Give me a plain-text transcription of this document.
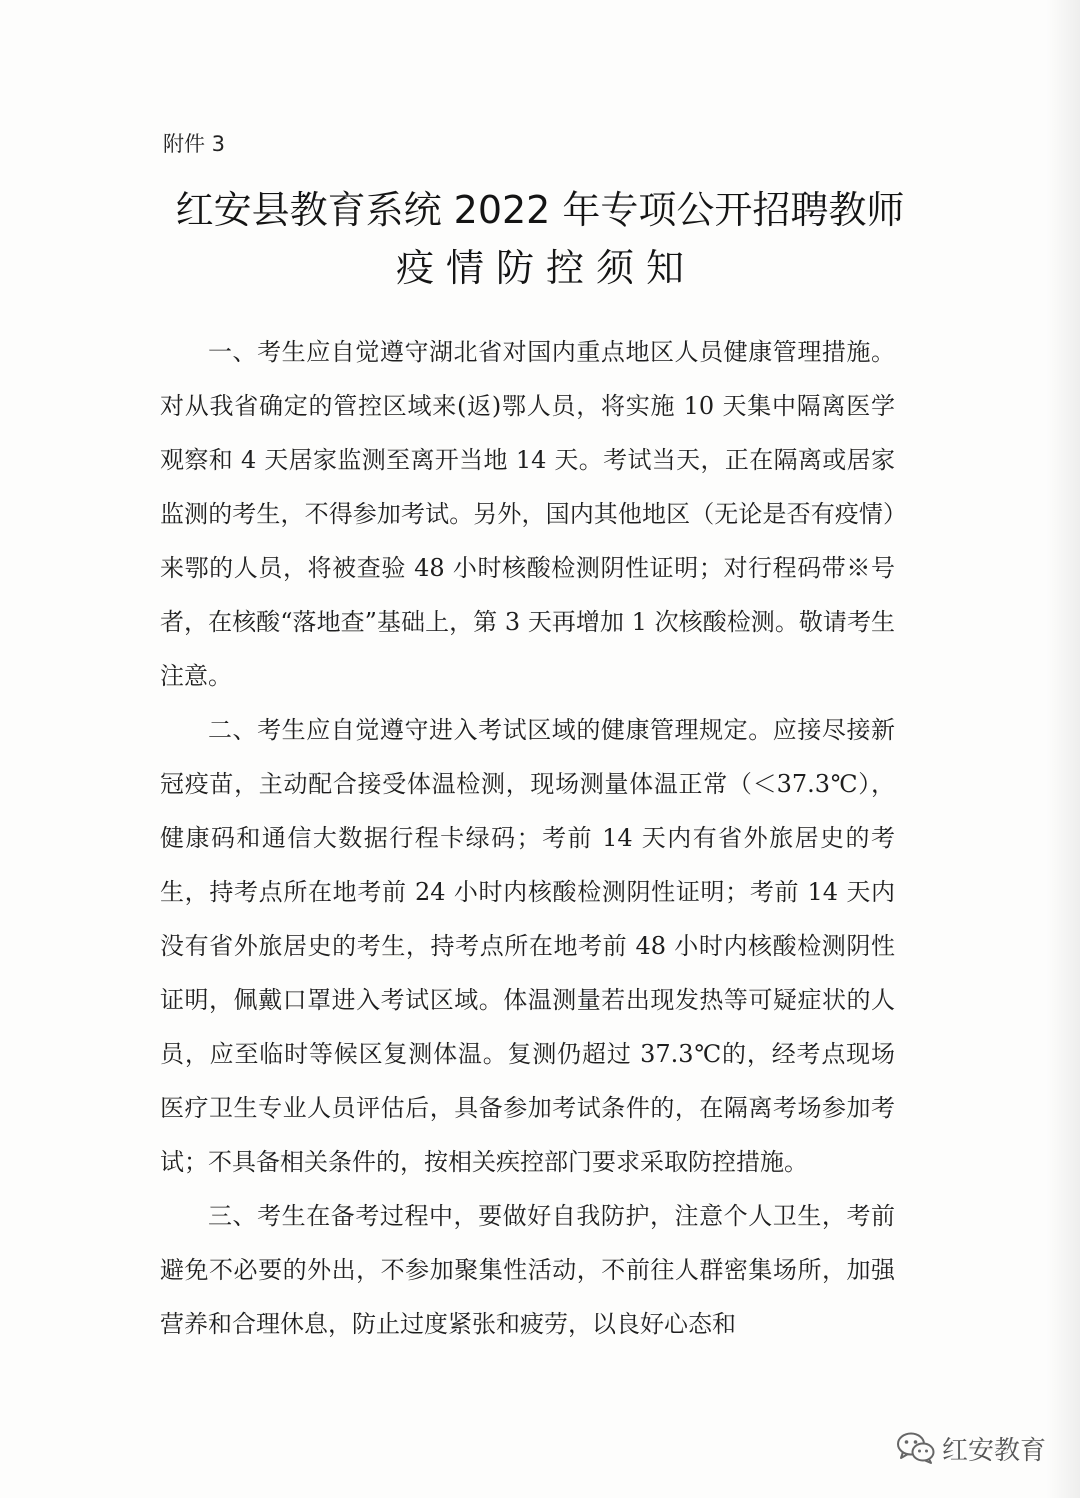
附件 3
红安县教育系统 2022 年专项公开招聘教师
疫情防控须知

一、考生应自觉遵守湖北省对国内重点地区人员健康管理措施。对从我省确定的管控区域来(返)鄂人员，将实施 10 天集中隔离医学观察和 4 天居家监测至离开当地 14 天。考试当天，正在隔离或居家监测的考生，不得参加考试。另外，国内其他地区（无论是否有疫情）来鄂的人员，将被查验 48 小时核酸检测阴性证明；对行程码带※号者，在核酸“落地查”基础上，第 3 天再增加 1 次核酸检测。敬请考生注意。

二、考生应自觉遵守进入考试区域的健康管理规定。应接尽接新冠疫苗，主动配合接受体温检测，现场测量体温正常（＜37.3℃），健康码和通信大数据行程卡绿码；考前 14 天内有省外旅居史的考生，持考点所在地考前 24 小时内核酸检测阴性证明；考前 14 天内没有省外旅居史的考生，持考点所在地考前 48 小时内核酸检测阴性证明，佩戴口罩进入考试区域。体温测量若出现发热等可疑症状的人员，应至临时等候区复测体温。复测仍超过 37.3℃的，经考点现场医疗卫生专业人员评估后，具备参加考试条件的，在隔离考场参加考试；不具备相关条件的，按相关疾控部门要求采取防控措施。

三、考生在备考过程中，要做好自我防护，注意个人卫生，考前避免不必要的外出，不参加聚集性活动，不前往人群密集场所，加强营养和合理休息，防止过度紧张和疲劳，以良好心态和

红安教育
